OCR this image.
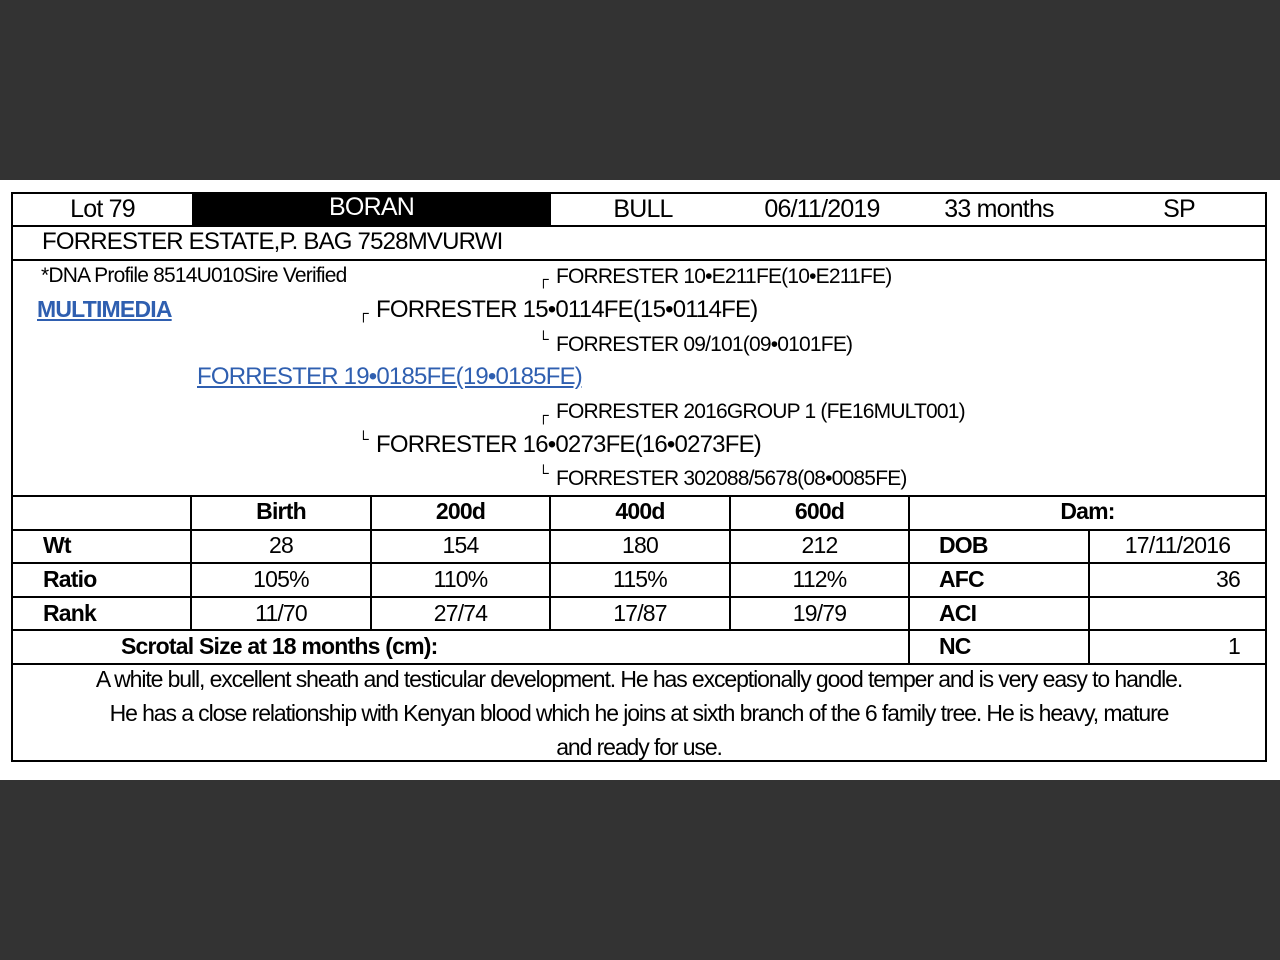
Lot 79	BORAN	BULL	06/11/2019	33 months	SP
FORRESTER ESTATE,P. BAG 7528MVURWI
*DNA Profile 8514U010Sire Verified
MULTIMEDIA
┌ FORRESTER 10•E211FE(10•E211FE)
┌ FORRESTER 15•0114FE(15•0114FE)
└ FORRESTER 09/101(09•0101FE)
FORRESTER 19•0185FE(19•0185FE)
┌ FORRESTER 2016GROUP 1 (FE16MULT001)
└ FORRESTER 16•0273FE(16•0273FE)
└ FORRESTER 302088/5678(08•0085FE)
Birth	200d	400d	600d	Dam:
Wt	28	154	180	212	DOB	17/11/2016
Ratio	105%	110%	115%	112%	AFC	36
Rank	11/70	27/74	17/87	19/79	ACI
Scrotal Size at 18 months (cm):	NC	1
A white bull, excellent sheath and testicular development. He has exceptionally good temper and is very easy to handle.
He has a close relationship with Kenyan blood which he joins at sixth branch of the 6 family tree. He is heavy, mature
and ready for use.
